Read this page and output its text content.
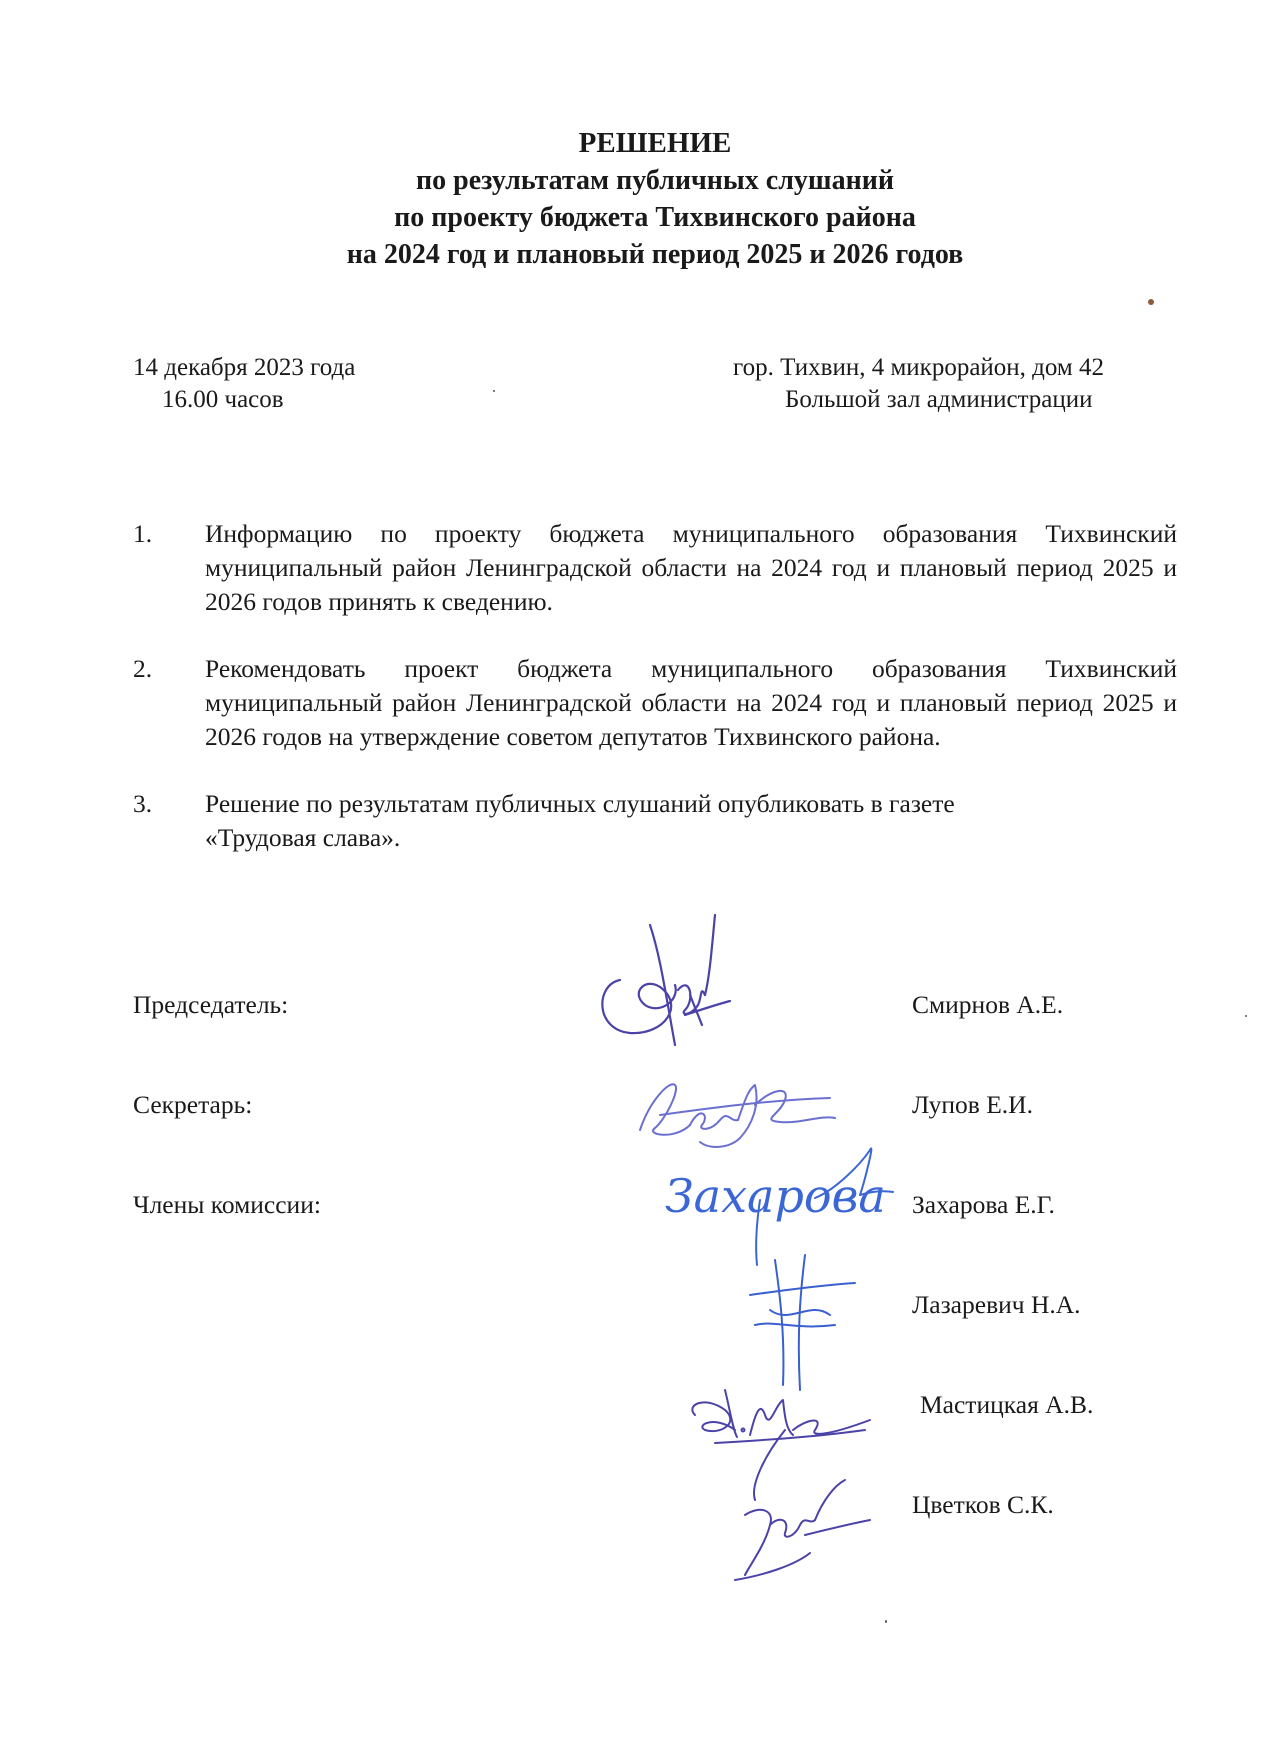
РЕШЕНИЕ
по результатам публичных слушаний
по проекту бюджета Тихвинского района
на 2024 год и плановый период 2025 и 2026 годов
14 декабря 2023 года
16.00 часов
гор. Тихвин, 4 микрорайон, дом 42
Большой зал администрации
1. Информацию по проекту бюджета муниципального образования Тихвинский муниципальный район Ленинградской области на 2024 год и плановый период 2025 и 2026 годов принять к сведению.
2. Рекомендовать проект бюджета муниципального образования Тихвинский муниципальный район Ленинградской области на 2024 год и плановый период 2025 и 2026 годов на утверждение советом депутатов Тихвинского района.
3. Решение по результатам публичных слушаний опубликовать в газете «Трудовая слава».
Председатель:	Смирнов А.Е.
Секретарь:	Лупов Е.И.
Члены комиссии:	Захарова Е.Г.
Лазаревич Н.А.
Мастицкая А.В.
Цветков С.К.
Захарова
